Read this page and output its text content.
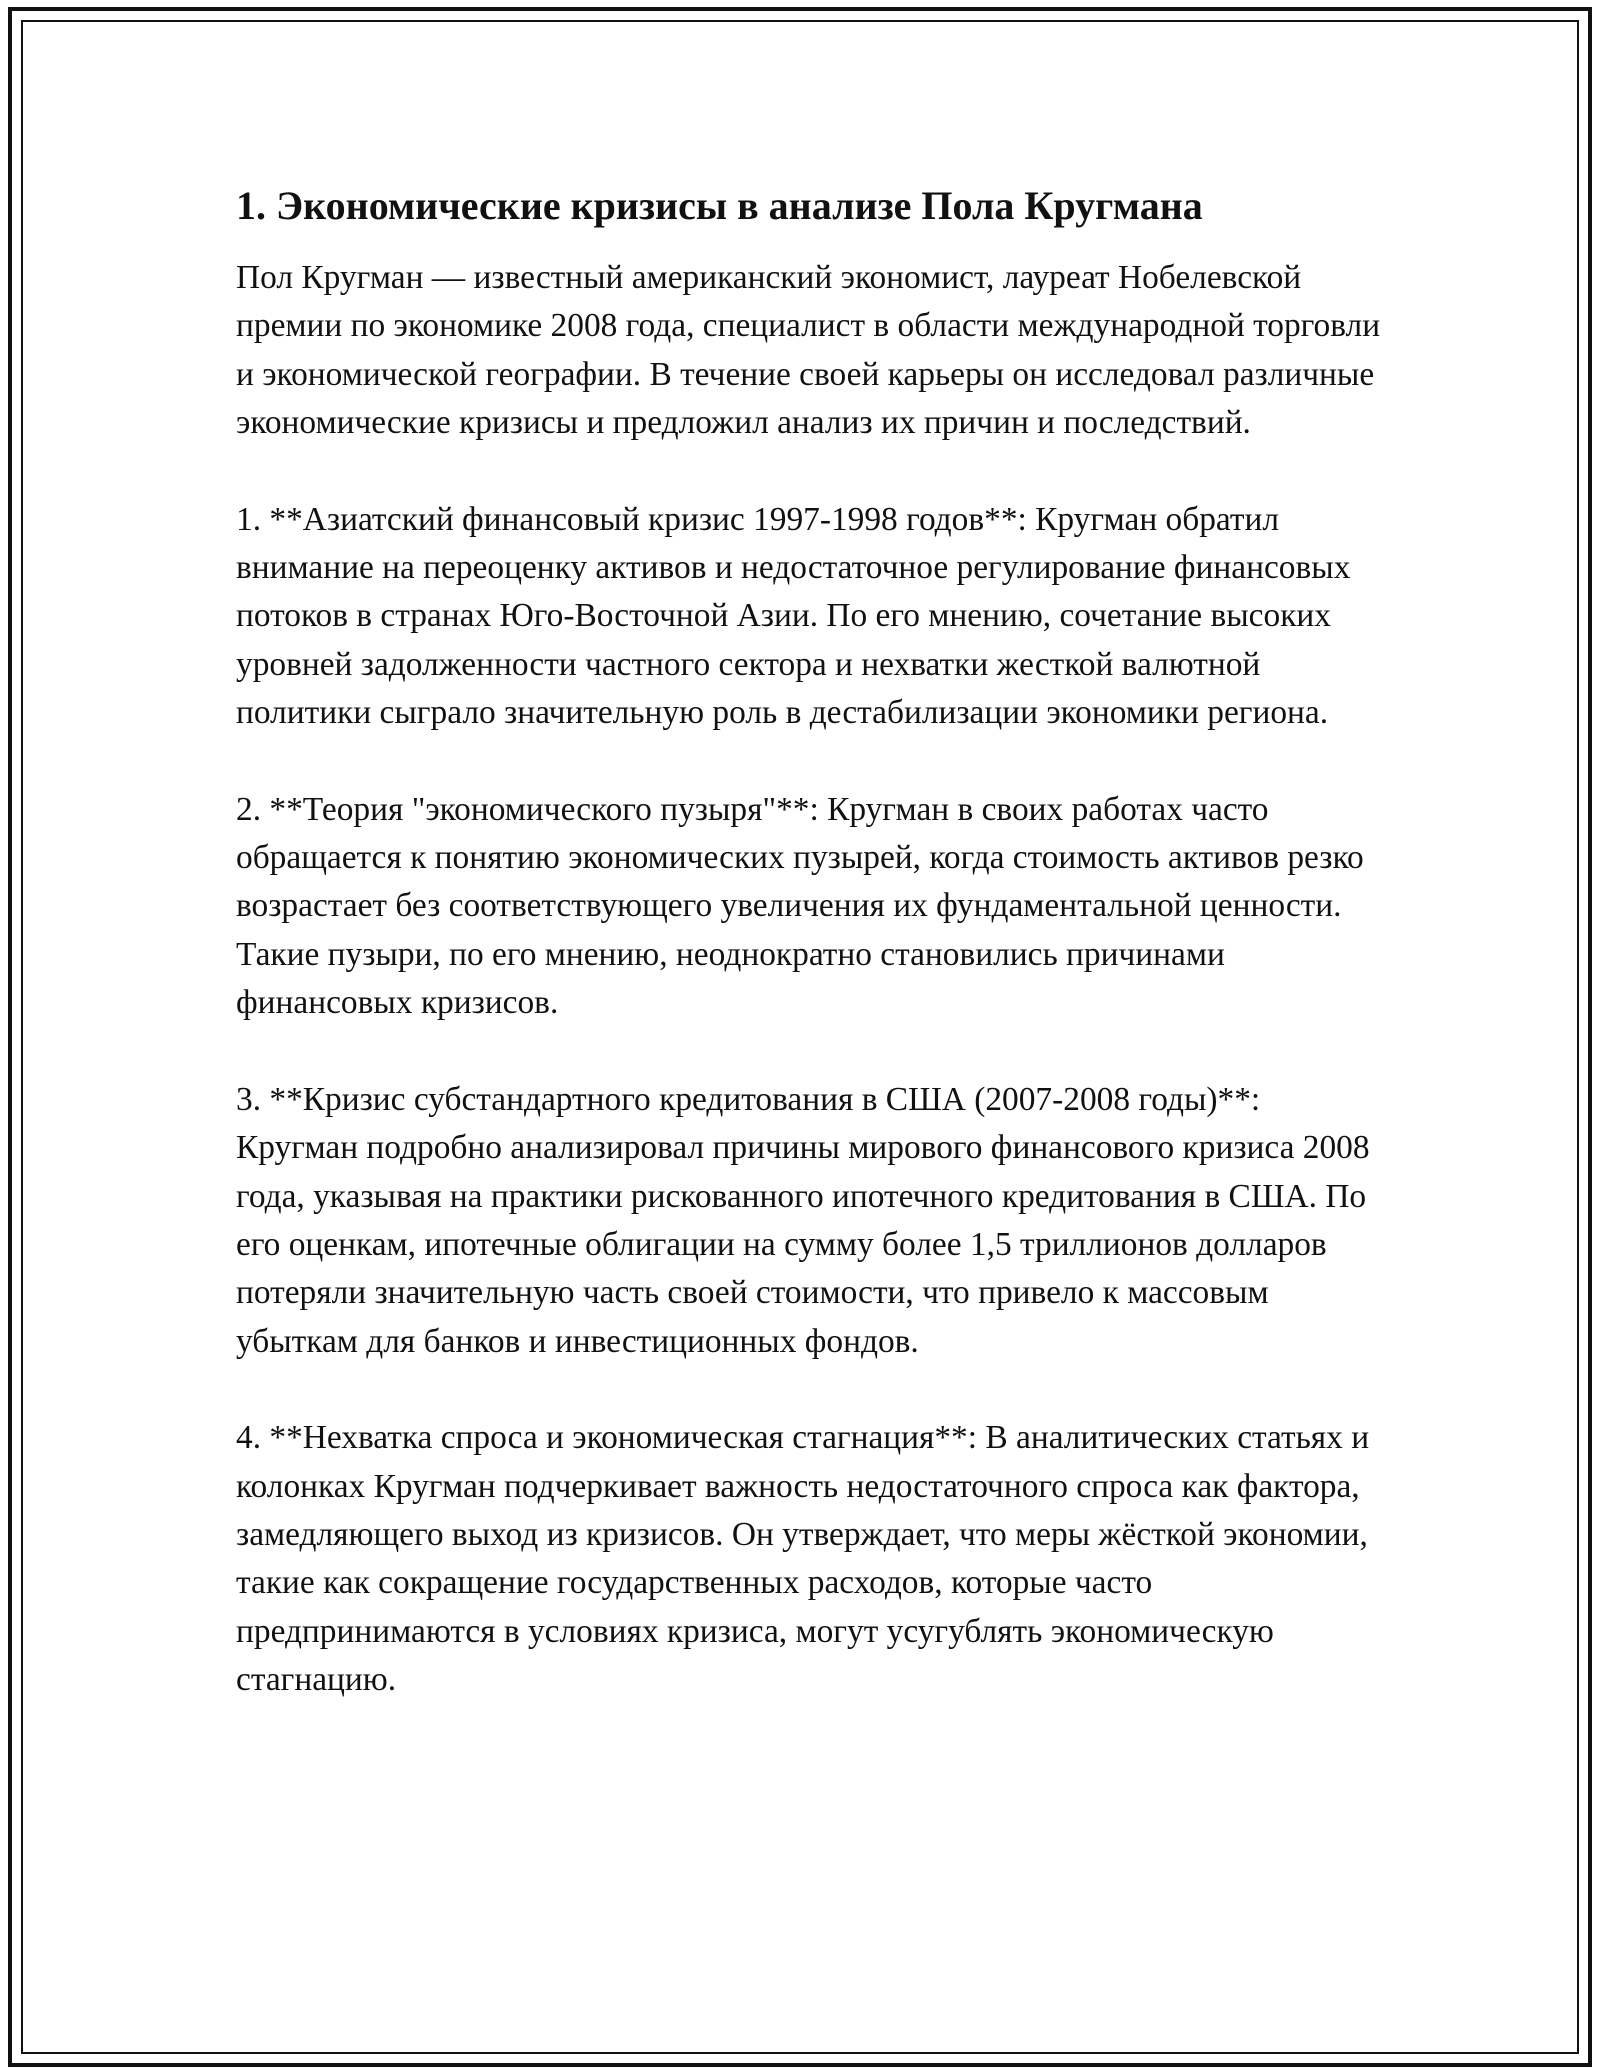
1. Экономические кризисы в анализе Пола Кругмана

Пол Кругман — известный американский экономист, лауреат Нобелевской премии по экономике 2008 года, специалист в области международной торговли и экономической географии. В течение своей карьеры он исследовал различные экономические кризисы и предложил анализ их причин и последствий.

1. **Азиатский финансовый кризис 1997-1998 годов**: Кругман обратил внимание на переоценку активов и недостаточное регулирование финансовых потоков в странах Юго-Восточной Азии. По его мнению, сочетание высоких уровней задолженности частного сектора и нехватки жесткой валютной политики сыграло значительную роль в дестабилизации экономики региона.

2. **Теория "экономического пузыря"**: Кругман в своих работах часто обращается к понятию экономических пузырей, когда стоимость активов резко возрастает без соответствующего увеличения их фундаментальной ценности. Такие пузыри, по его мнению, неоднократно становились причинами финансовых кризисов.

3. **Кризис субстандартного кредитования в США (2007-2008 годы)**: Кругман подробно анализировал причины мирового финансового кризиса 2008 года, указывая на практики рискованного ипотечного кредитования в США. По его оценкам, ипотечные облигации на сумму более 1,5 триллионов долларов потеряли значительную часть своей стоимости, что привело к массовым убыткам для банков и инвестиционных фондов.

4. **Нехватка спроса и экономическая стагнация**: В аналитических статьях и колонках Кругман подчеркивает важность недостаточного спроса как фактора, замедляющего выход из кризисов. Он утверждает, что меры жёсткой экономии, такие как сокращение государственных расходов, которые часто предпринимаются в условиях кризиса, могут усугублять экономическую стагнацию.
